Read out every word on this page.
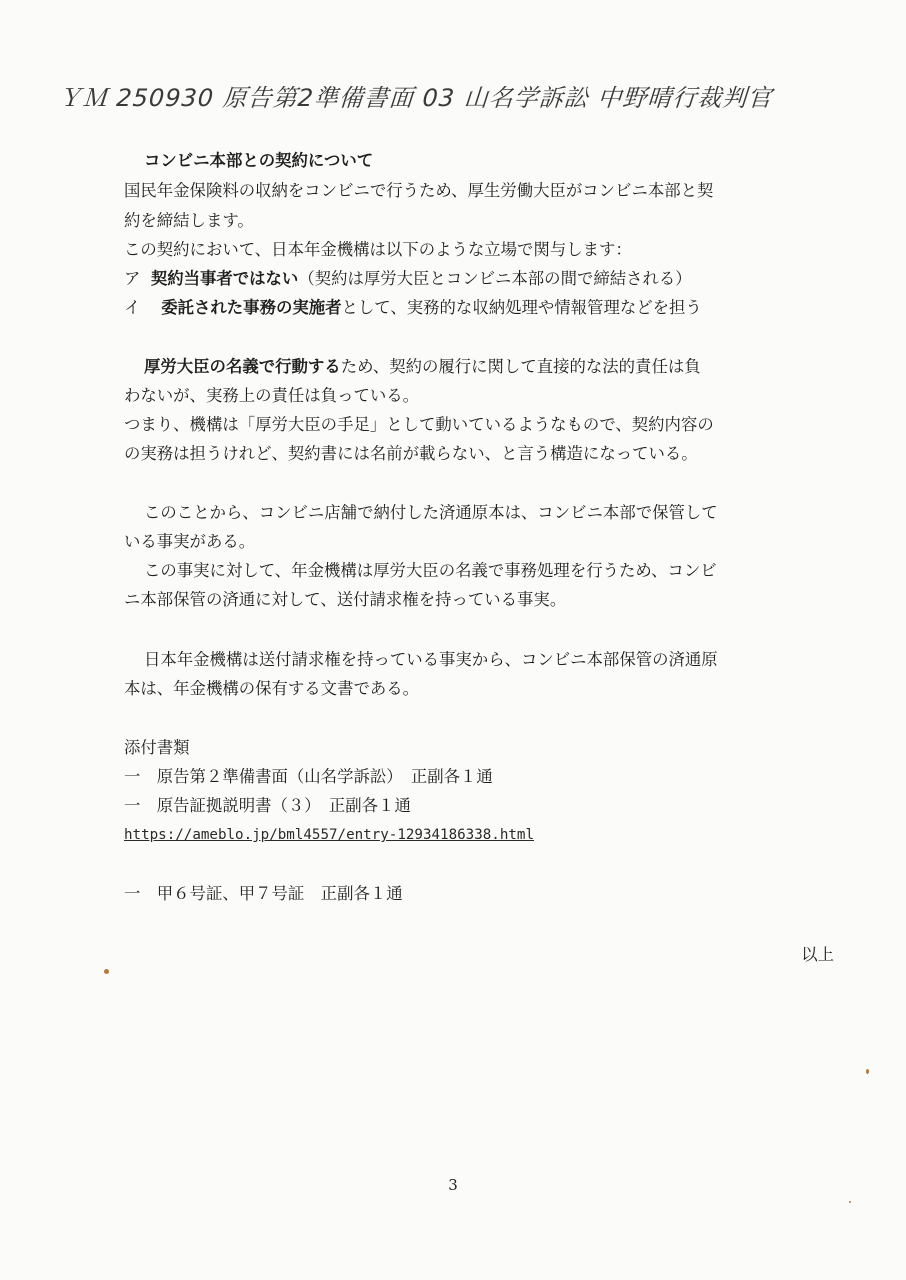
ＹＭ 250930 原告第2準備書面 03 山名学訴訟 中野晴行裁判官
コンビニ本部との契約について
国民年金保険料の収納をコンビニで行うため、厚生労働大臣がコンビニ本部と契
約を締結します。
この契約において、日本年金機構は以下のような立場で関与します：
ア 契約当事者ではない（契約は厚労大臣とコンビニ本部の間で締結される）
イ 委託された事務の実施者として、実務的な収納処理や情報管理などを担う
厚労大臣の名義で行動するため、契約の履行に関して直接的な法的責任は負
わないが、実務上の責任は負っている。
つまり、機構は「厚労大臣の手足」として動いているようなもので、契約内容の
の実務は担うけれど、契約書には名前が載らない、と言う構造になっている。
このことから、コンビニ店舗で納付した済通原本は、コンビニ本部で保管して
いる事実がある。
この事実に対して、年金機構は厚労大臣の名義で事務処理を行うため、コンビ
ニ本部保管の済通に対して、送付請求権を持っている事実。
日本年金機構は送付請求権を持っている事実から、コンビニ本部保管の済通原
本は、年金機構の保有する文書である。
添付書類
一　原告第２準備書面（山名学訴訟）　正副各１通
一　原告証拠説明書（３）　正副各１通
https://ameblo.jp/bml4557/entry-12934186338.html
一　甲６号証、甲７号証　正副各１通
以上
3
